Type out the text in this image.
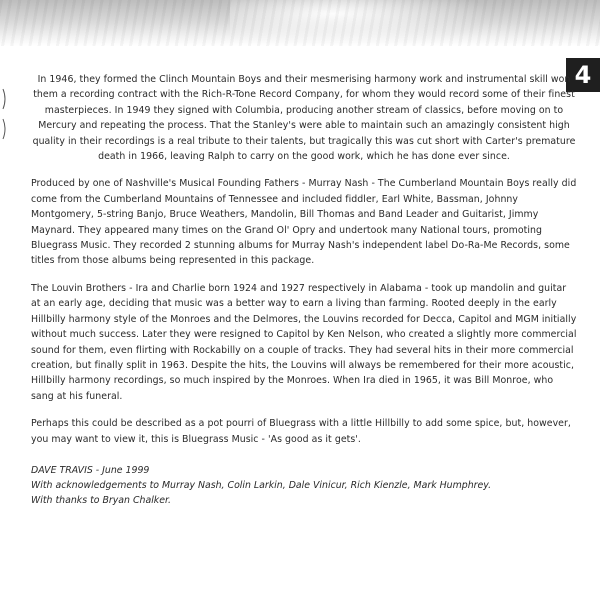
4

In 1946, they formed the Clinch Mountain Boys and their mesmerising harmony work and instrumental skill won them a recording contract with the Rich-R-Tone Record Company, for whom they would record some of their finest masterpieces. In 1949 they signed with Columbia, producing another stream of classics, before moving on to Mercury and repeating the process. That the Stanley's were able to maintain such an amazingly consistent high quality in their recordings is a real tribute to their talents, but tragically this was cut short with Carter's premature death in 1966, leaving Ralph to carry on the good work, which he has done ever since.

Produced by one of Nashville's Musical Founding Fathers - Murray Nash - The Cumberland Mountain Boys really did come from the Cumberland Mountains of Tennessee and included fiddler, Earl White, Bassman, Johnny Montgomery, 5-string Banjo, Bruce Weathers, Mandolin, Bill Thomas and Band Leader and Guitarist, Jimmy Maynard. They appeared many times on the Grand Ol' Opry and undertook many National tours, promoting Bluegrass Music. They recorded 2 stunning albums for Murray Nash's independent label Do-Ra-Me Records, some titles from those albums being represented in this package.

The Louvin Brothers - Ira and Charlie born 1924 and 1927 respectively in Alabama - took up mandolin and guitar at an early age, deciding that music was a better way to earn a living than farming. Rooted deeply in the early Hillbilly harmony style of the Monroes and the Delmores, the Louvins recorded for Decca, Capitol and MGM initially without much success. Later they were resigned to Capitol by Ken Nelson, who created a slightly more commercial sound for them, even flirting with Rockabilly on a couple of tracks. They had several hits in their more commercial creation, but finally split in 1963. Despite the hits, the Louvins will always be remembered for their more acoustic, Hillbilly harmony recordings, so much inspired by the Monroes. When Ira died in 1965, it was Bill Monroe, who sang at his funeral.

Perhaps this could be described as a pot pourri of Bluegrass with a little Hillbilly to add some spice, but, however, you may want to view it, this is Bluegrass Music - 'As good as it gets'.

DAVE TRAVIS - June 1999
With acknowledgements to Murray Nash, Colin Larkin, Dale Vinicur, Rich Kienzle, Mark Humphrey.
With thanks to Bryan Chalker.
